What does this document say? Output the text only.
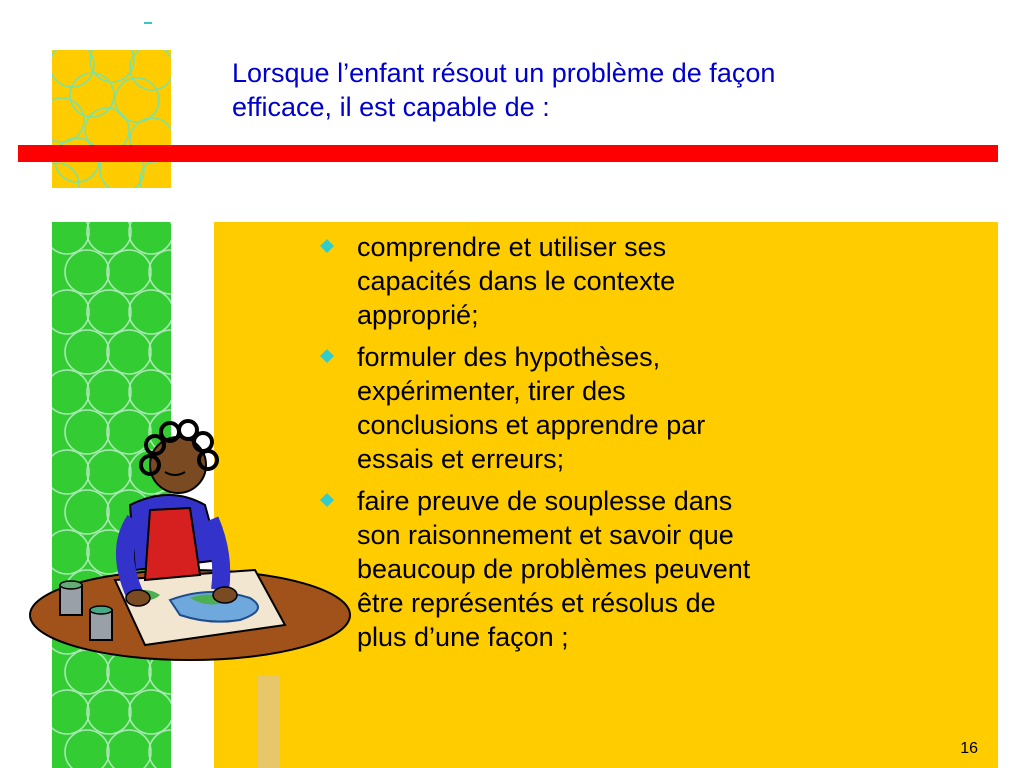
Lorsque l’enfant résout un problème de façon
efficace, il est capable de :
comprendre et utiliser ses
capacités dans le contexte
approprié;
formuler des hypothèses,
expérimenter, tirer des
conclusions et apprendre par
essais et erreurs;
faire preuve de souplesse dans
son raisonnement et savoir que
beaucoup de problèmes peuvent
être représentés et résolus de
plus d’une façon ;
16
